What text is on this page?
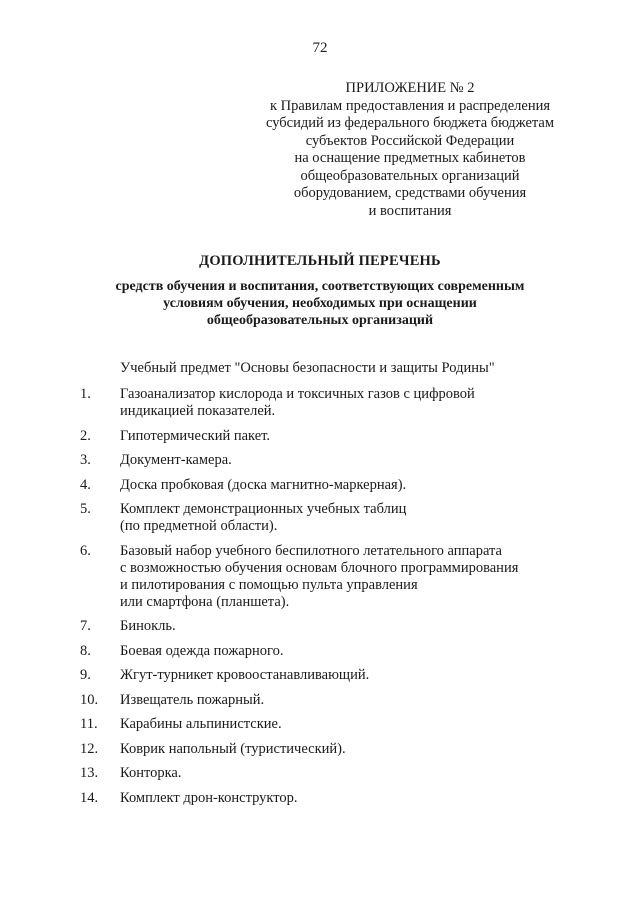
72
ПРИЛОЖЕНИЕ № 2
к Правилам предоставления и распределения
субсидий из федерального бюджета бюджетам
субъектов Российской Федерации
на оснащение предметных кабинетов
общеобразовательных организаций
оборудованием, средствами обучения
и воспитания
ДОПОЛНИТЕЛЬНЫЙ ПЕРЕЧЕНЬ
средств обучения и воспитания, соответствующих современным
условиям обучения, необходимых при оснащении
общеобразовательных организаций
Учебный предмет "Основы безопасности и защиты Родины"
1.	Газоанализатор кислорода и токсичных газов с цифровой
индикацией показателей.
2.	Гипотермический пакет.
3.	Документ-камера.
4.	Доска пробковая (доска магнитно-маркерная).
5.	Комплект демонстрационных учебных таблиц
(по предметной области).
6.	Базовый набор учебного беспилотного летательного аппарата
с возможностью обучения основам блочного программирования
и пилотирования с помощью пульта управления
или смартфона (планшета).
7.	Бинокль.
8.	Боевая одежда пожарного.
9.	Жгут-турникет кровоостанавливающий.
10.	Извещатель пожарный.
11.	Карабины альпинистские.
12.	Коврик напольный (туристический).
13.	Конторка.
14.	Комплект дрон-конструктор.
